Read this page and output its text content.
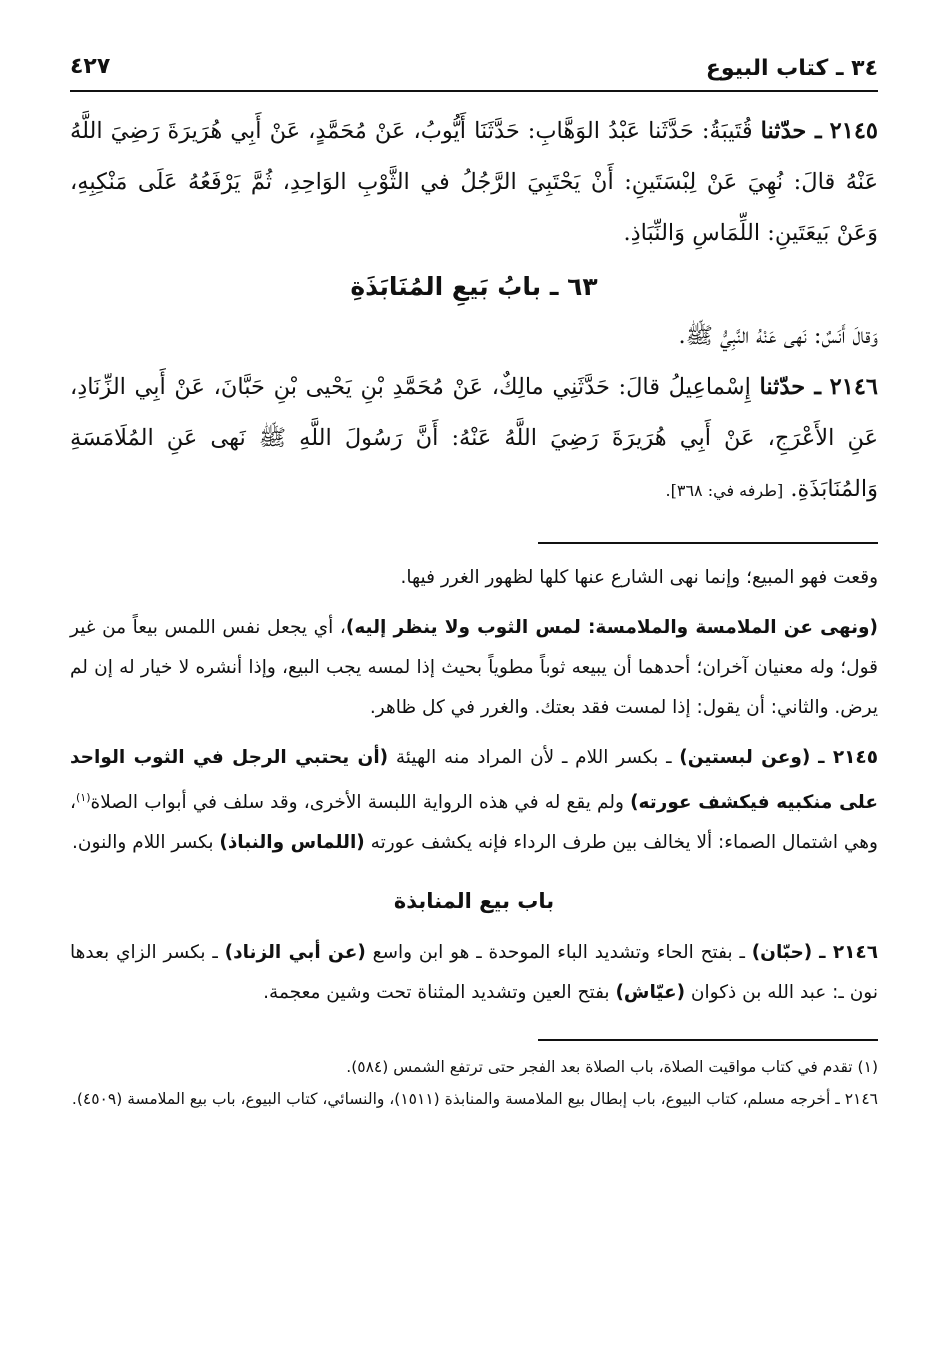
٣٤ ـ كتاب البيوع
٤٢٧

٢١٤٥ ـ حدّثنا قُتَيبَةُ: حَدَّثَنا عَبْدُ الوَهَّابِ: حَدَّثَنَا أَيُّوبُ، عَنْ مُحَمَّدٍ، عَنْ أَبِي هُرَيرَةَ رَضِيَ اللَّهُ عَنْهُ قالَ: نُهِيَ عَنْ لِبْسَتَينِ: أَنْ يَحْتَبِيَ الرَّجُلُ في الثَّوْبِ الوَاحِدِ، ثُمَّ يَرْفَعُهُ عَلَى مَنْكِبِهِ، وَعَنْ بَيعَتَينِ: اللِّمَاسِ وَالنِّبَاذِ.

٦٣ ـ بابُ بَيعِ المُنَابَذَةِ

وَقالَ أَنَسٌ: نَهى عَنْهُ النَّبِيُّ ﷺ.

٢١٤٦ ـ حدّثنا إِسْماعِيلُ قالَ: حَدَّثَنِي مالِكٌ، عَنْ مُحَمَّدِ بْنِ يَحْيى بْنِ حَبَّانَ، عَنْ أَبِي الزِّنَادِ، عَنِ الأَعْرَجِ، عَنْ أَبِي هُرَيرَةَ رَضِيَ اللَّهُ عَنْهُ: أَنَّ رَسُولَ اللَّهِ ﷺ نَهى عَنِ المُلَامَسَةِ وَالمُنَابَذَةِ. [طرفه في: ٣٦٨].

وقعت فهو المبيع؛ وإنما نهى الشارع عنها كلها لظهور الغرر فيها.

(ونهى عن الملامسة والملامسة: لمس الثوب ولا ينظر إليه)، أي يجعل نفس اللمس بيعاً من غير قول؛ وله معنيان آخران؛ أحدهما أن يبيعه ثوباً مطوياً بحيث إذا لمسه يجب البيع، وإذا أنشره لا خيار له إن لم يرض. والثاني: أن يقول: إذا لمست فقد بعتك. والغرر في كل ظاهر.

٢١٤٥ ـ (وعن لبستين) ـ بكسر اللام ـ لأن المراد منه الهيئة (أن يحتبي الرجل في الثوب الواحد على منكبيه فيكشف عورته) ولم يقع له في هذه الرواية اللبسة الأخرى، وقد سلف في أبواب الصلاة$^{(١)}$، وهي اشتمال الصماء: ألا يخالف بين طرف الرداء فإنه يكشف عورته (اللماس والنباذ) بكسر اللام والنون.

باب بيع المنابذة

٢١٤٦ ـ (حبّان) ـ بفتح الحاء وتشديد الباء الموحدة ـ هو ابن واسع (عن أبي الزناد) ـ بكسر الزاي بعدها نون ـ: عبد الله بن ذكوان (عيّاش) بفتح العين وتشديد المثناة تحت وشين معجمة.

(١) تقدم في كتاب مواقيت الصلاة، باب الصلاة بعد الفجر حتى ترتفع الشمس (٥٨٤).

٢١٤٦ ـ أخرجه مسلم، كتاب البيوع، باب إبطال بيع الملامسة والمنابذة (١٥١١)، والنسائي، كتاب البيوع، باب بيع الملامسة (٤٥٠٩).
